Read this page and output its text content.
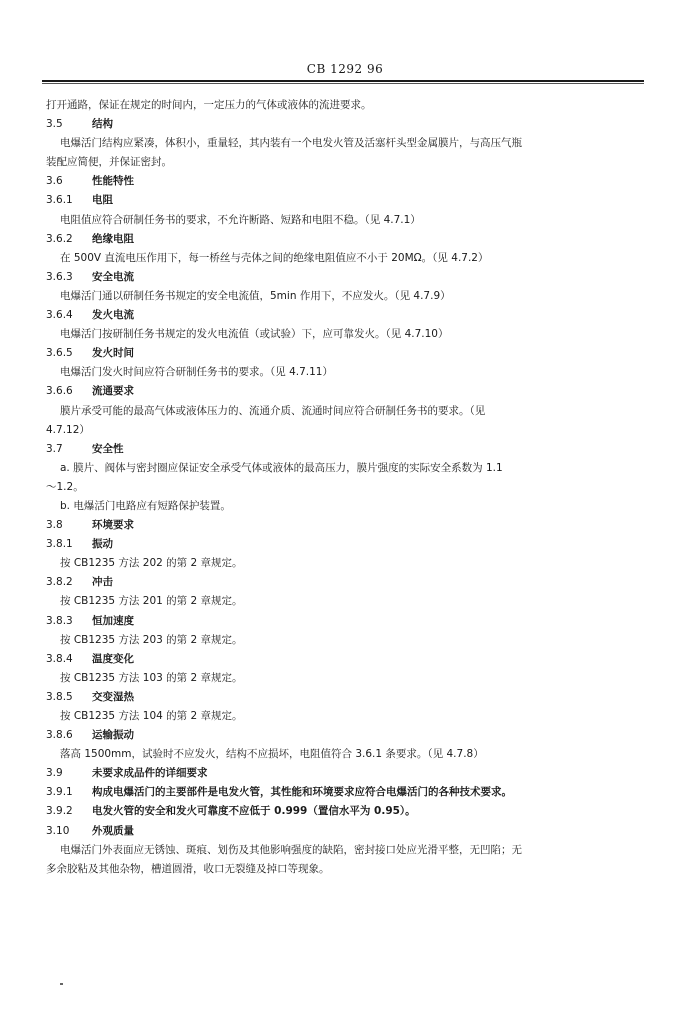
CB 1292 96
打开通路，保证在规定的时间内，一定压力的气体或液体的流进要求。
3.5	结构
电爆活门结构应紧凑，体积小，重量轻，其内装有一个电发火管及活塞杆头型金属膜片，与高压气瓶
装配应简便，并保证密封。
3.6	性能特性
3.6.1 电阻
电阻值应符合研制任务书的要求，不允许断路、短路和电阻不稳。（见 4.7.1）
3.6.2 绝缘电阻
在 500V 直流电压作用下，每一桥丝与壳体之间的绝缘电阻值应不小于 20MΩ。（见 4.7.2）
3.6.3 安全电流
电爆活门通以研制任务书规定的安全电流值，5min 作用下，不应发火。（见 4.7.9）
3.6.4 发火电流
电爆活门按研制任务书规定的发火电流值（或试验）下，应可靠发火。（见 4.7.10）
3.6.5 发火时间
电爆活门发火时间应符合研制任务书的要求。（见 4.7.11）
3.6.6 流通要求
膜片承受可能的最高气体或液体压力的、流通介质、流通时间应符合研制任务书的要求。（见
4.7.12）
3.7	安全性
a. 膜片、阀体与密封圈应保证安全承受气体或液体的最高压力，膜片强度的实际安全系数为 1.1
～1.2。
b. 电爆活门电路应有短路保护装置。
3.8	环境要求
3.8.1 振动
按 CB1235 方法 202 的第 2 章规定。
3.8.2 冲击
按 CB1235 方法 201 的第 2 章规定。
3.8.3 恒加速度
按 CB1235 方法 203 的第 2 章规定。
3.8.4 温度变化
按 CB1235 方法 103 的第 2 章规定。
3.8.5 交变湿热
按 CB1235 方法 104 的第 2 章规定。
3.8.6 运输振动
落高 1500mm，试验时不应发火，结构不应损坏，电阻值符合 3.6.1 条要求。（见 4.7.8）
3.9	未要求成品件的详细要求
3.9.1 构成电爆活门的主要部件是电发火管，其性能和环境要求应符合电爆活门的各种技术要求。
3.9.2 电发火管的安全和发火可靠度不应低于 0.999（置信水平为 0.95）。
3.10 外观质量
电爆活门外表面应无锈蚀、斑痕、划伤及其他影响强度的缺陷，密封接口处应光滑平整，无凹陷；无
多余胶粘及其他杂物，槽道圆滑，收口无裂缝及掉口等现象。
